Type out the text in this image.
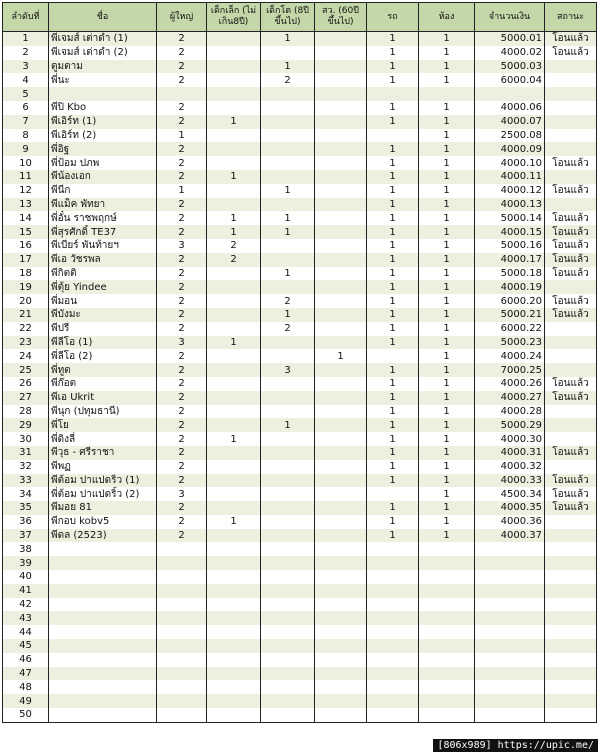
ลำดับที่	ชื่อ	ผู้ใหญ่	เด็กเล็ก (ไม่เกิน8ปี)	เด็กโต (8ปีขึ้นไป)	สว. (60ปี ขึ้นไป)	รถ	ห้อง	จำนวนเงิน	สถานะ
1	พี่เจมส์ เต่าดำ (1)	2		1		1	1	5000.01	โอนแล้ว
2	พี่เจมส์ เต่าดำ (2)	2				1	1	4000.02	โอนแล้ว
3	ตูมตาม	2		1		1	1	5000.03	
4	พี่นะ	2		2		1	1	6000.04	
5									
6	พี่ปิ Kbo	2				1	1	4000.06	
7	พี่เอิร์ท (1)	2	1			1	1	4000.07	
8	พี่เอิร์ท (2)	1					1	2500.08	
9	พี่อิฐ	2				1	1	4000.09	
10	พี่ป้อม ปภพ	2				1	1	4000.10	โอนแล้ว
11	พี่น้องเอก	2	1			1	1	4000.11	
12	พี่นีก	1		1		1	1	4000.12	โอนแล้ว
13	พี่แม็ค พัทยา	2				1	1	4000.13	
14	พี่อั๋น ราชพฤกษ์	2	1	1		1	1	5000.14	โอนแล้ว
15	พี่สุรศักดิ์ TE37	2	1	1		1	1	4000.15	โอนแล้ว
16	พี่เบียร์ พันท้ายฯ	3	2			1	1	5000.16	โอนแล้ว
17	พี่เอ วัชรพล	2	2			1	1	4000.17	โอนแล้ว
18	พี่กิตติ	2		1		1	1	5000.18	โอนแล้ว
19	พี่ตุ้ย Yindee	2				1	1	4000.19	
20	พี่มอน	2		2		1	1	6000.20	โอนแล้ว
21	พี่บังมะ	2		1		1	1	5000.21	โอนแล้ว
22	พี่ปรี	2		2		1	1	6000.22	
23	พี่ลีโอ (1)	3	1			1	1	5000.23	
24	พี่ลีโอ (2)	2			1		1	4000.24	
25	พี่ทูต	2		3		1	1	7000.25	
26	พี่ก๊อต	2				1	1	4000.26	โอนแล้ว
27	พี่เอ Ukrit	2				1	1	4000.27	โอนแล้ว
28	พี่นุก (ปทุมธานี)	2				1	1	4000.28	
29	พี่โย	2		1		1	1	5000.29	
30	พี่ดิงลี่	2	1			1	1	4000.30	
31	พี่วุธ - ศรีราชา	2				1	1	4000.31	โอนแล้ว
32	พี่พฏ	2				1	1	4000.32	
33	พี่ต้อม ปาแปดริ้ว (1)	2				1	1	4000.33	โอนแล้ว
34	พี่ต้อม ปาแปดริ้ว (2)	3					1	4500.34	โอนแล้ว
35	พี่มอย 81	2				1	1	4000.35	โอนแล้ว
36	พี่กอบ kobv5	2	1			1	1	4000.36	
37	พี่ดล (2523)	2				1	1	4000.37	
38									
39									
40									
41									
42									
43									
44									
45									
46									
47									
48									
49									
50									
[806x989] https://upic.me/
